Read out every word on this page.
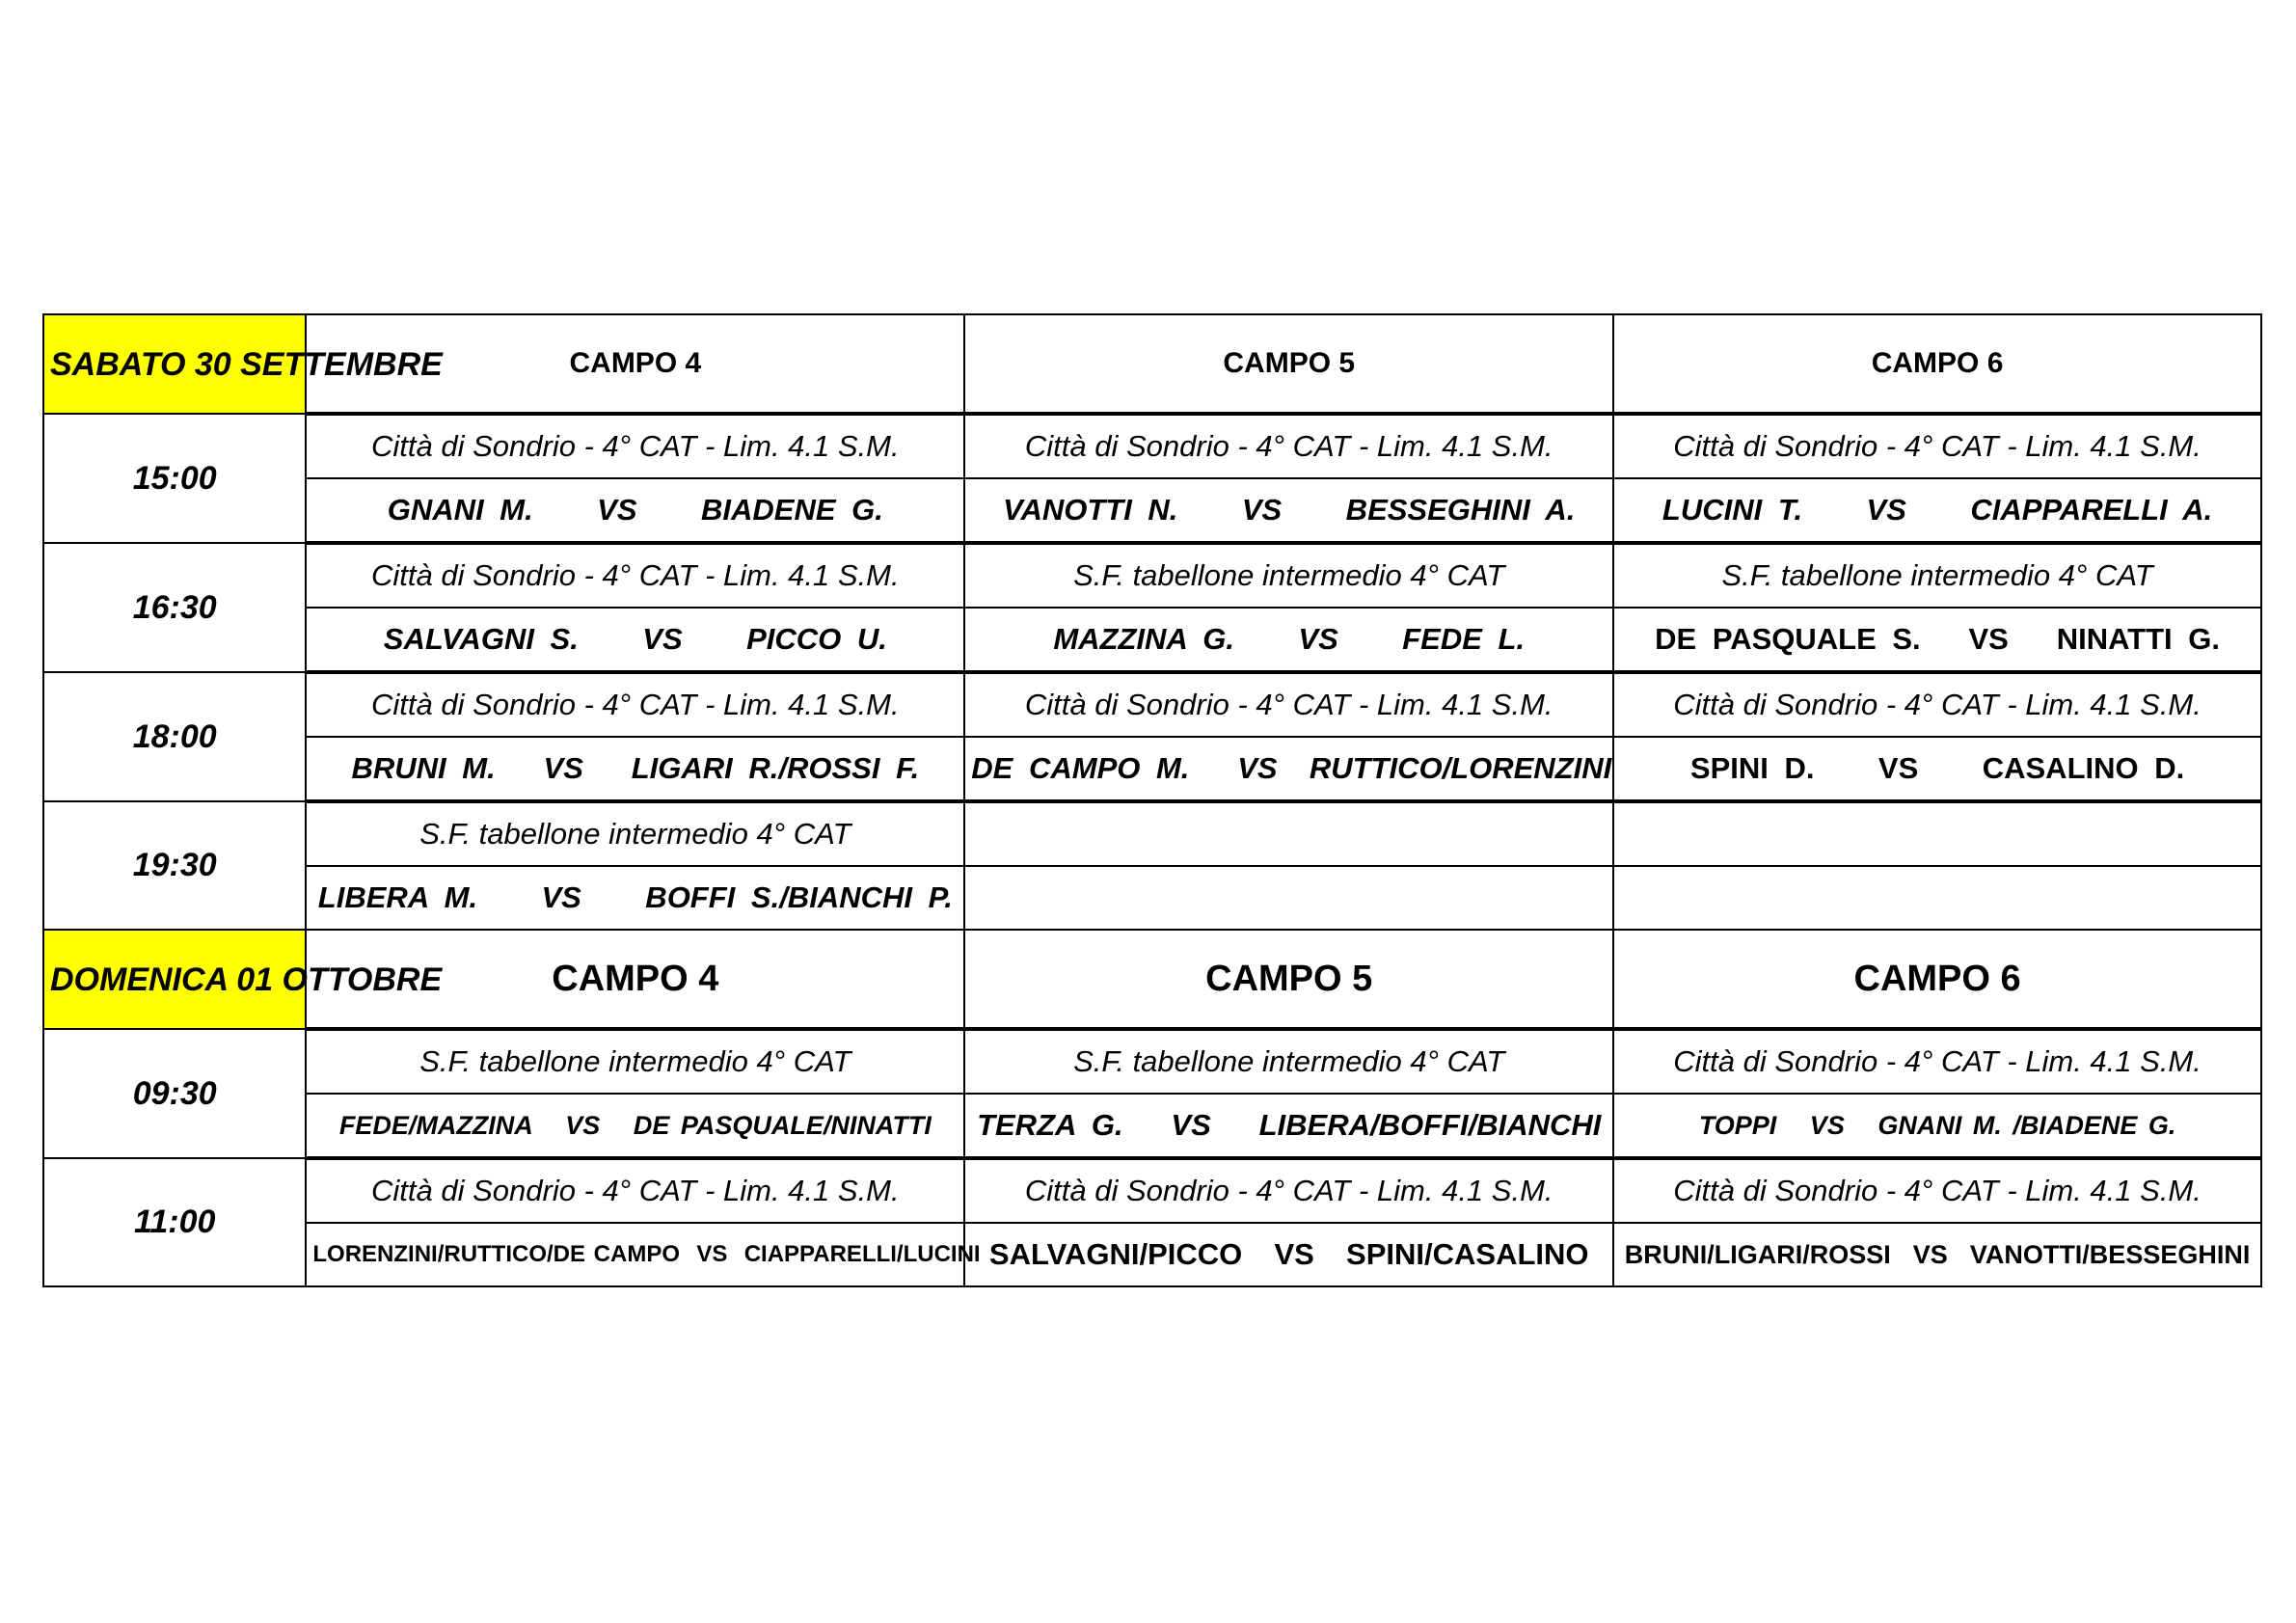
SABATO 30 SETTEMBRE	CAMPO 4	CAMPO 5	CAMPO 6
15:00	Città di Sondrio - 4° CAT - Lim. 4.1 S.M.	Città di Sondrio - 4° CAT - Lim. 4.1 S.M.	Città di Sondrio - 4° CAT - Lim. 4.1 S.M.
	GNANI M.    VS    BIADENE G.	VANOTTI N.    VS    BESSEGHINI A.	LUCINI T.    VS    CIAPPARELLI A.
16:30	Città di Sondrio - 4° CAT - Lim. 4.1 S.M.	S.F. tabellone intermedio 4° CAT	S.F. tabellone intermedio 4° CAT
	SALVAGNI S.    VS    PICCO U.	MAZZINA G.    VS    FEDE L.	DE PASQUALE S.   VS   NINATTI G.
18:00	Città di Sondrio - 4° CAT - Lim. 4.1 S.M.	Città di Sondrio - 4° CAT - Lim. 4.1 S.M.	Città di Sondrio - 4° CAT - Lim. 4.1 S.M.
	BRUNI M.   VS   LIGARI R./ROSSI F.	DE CAMPO M.   VS  RUTTICO/LORENZINI	SPINI D.    VS    CASALINO D.
19:30	S.F. tabellone intermedio 4° CAT		
	LIBERA M.    VS    BOFFI S./BIANCHI P.		
DOMENICA 01 OTTOBRE	CAMPO 4	CAMPO 5	CAMPO 6
09:30	S.F. tabellone intermedio 4° CAT	S.F. tabellone intermedio 4° CAT	Città di Sondrio - 4° CAT - Lim. 4.1 S.M.
	FEDE/MAZZINA   VS   DE PASQUALE/NINATTI	TERZA G.   VS   LIBERA/BOFFI/BIANCHI	TOPPI   VS   GNANI M. /BIADENE G.
11:00	Città di Sondrio - 4° CAT - Lim. 4.1 S.M.	Città di Sondrio - 4° CAT - Lim. 4.1 S.M.	Città di Sondrio - 4° CAT - Lim. 4.1 S.M.
	LORENZINI/RUTTICO/DE CAMPO  VS  CIAPPARELLI/LUCINI	SALVAGNI/PICCO  VS  SPINI/CASALINO	BRUNI/LIGARI/ROSSI  VS  VANOTTI/BESSEGHINI
